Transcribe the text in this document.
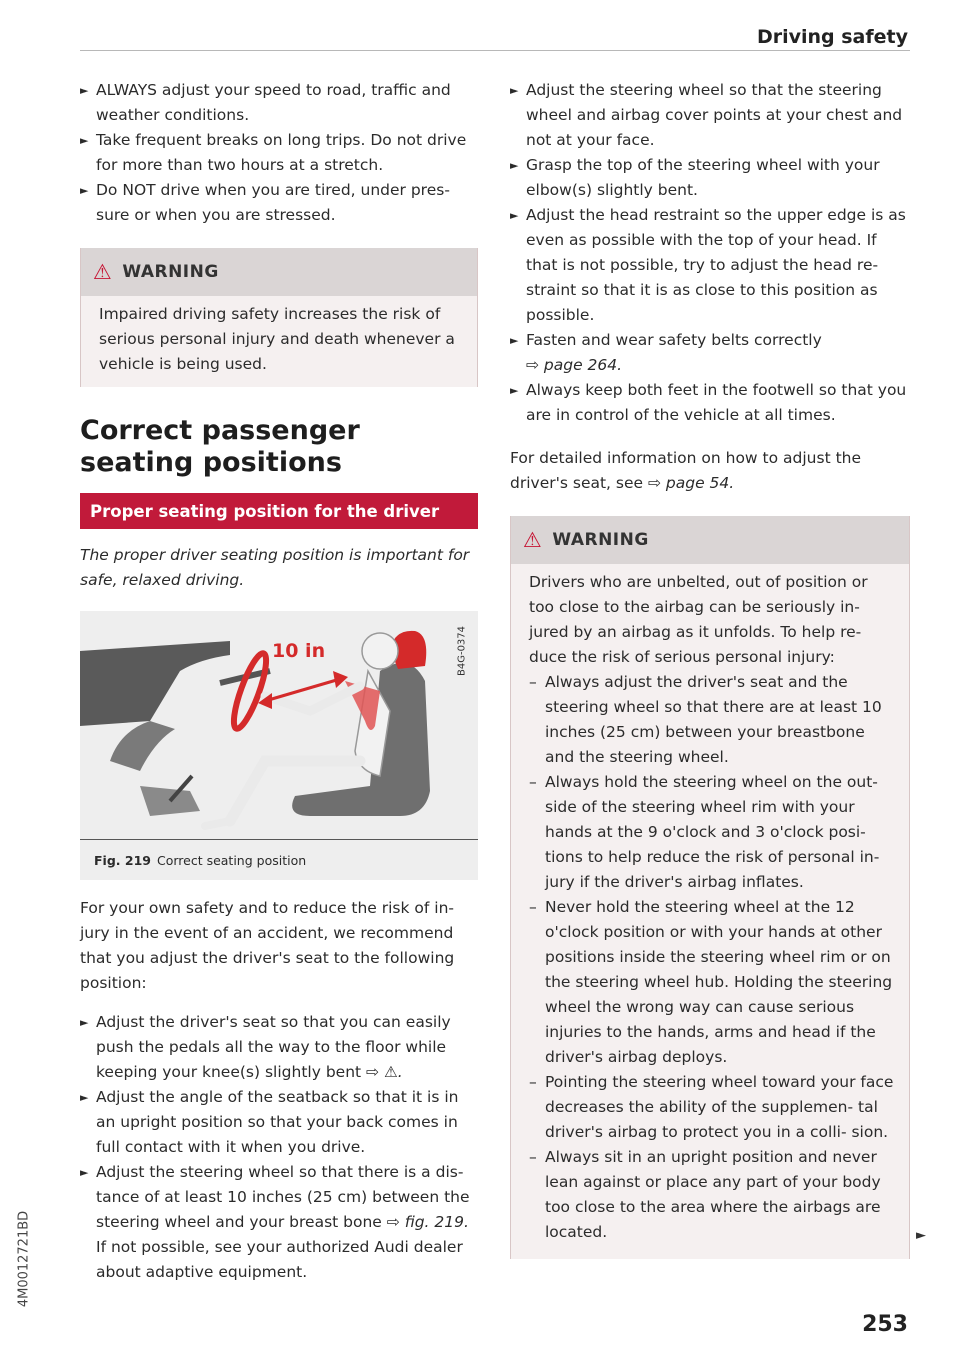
Driving safety
4M0012721BD
► ALWAYS adjust your speed to road, traffic and weather conditions.
► Take frequent breaks on long trips. Do not drive for more than two hours at a stretch.
► Do NOT drive when you are tired, under pres- sure or when you are stressed.
⚠ WARNING

Impaired driving safety increases the risk of serious personal injury and death whenever a vehicle is being used.

Correct passenger seating positions
Proper seating position for the driver
The proper driver seating position is important for safe, relaxed driving.
10 in	B4G-0374
Fig. 219 Correct seating position

For your own safety and to reduce the risk of in- jury in the event of an accident, we recommend that you adjust the driver's seat to the following position:

► Adjust the driver's seat so that you can easily push the pedals all the way to the floor while keeping your knee(s) slightly bent ⇨ ⚠.
► Adjust the angle of the seatback so that it is in an upright position so that your back comes in full contact with it when you drive.
► Adjust the steering wheel so that there is a dis- tance of at least 10 inches (25 cm) between the steering wheel and your breast bone ⇨ fig. 219.
If not possible, see your authorized Audi dealer about adaptive equipment.
► Adjust the steering wheel so that the steering wheel and airbag cover points at your chest and not at your face.
► Grasp the top of the steering wheel with your elbow(s) slightly bent.
► Adjust the head restraint so the upper edge is as even as possible with the top of your head. If that is not possible, try to adjust the head re- straint so that it is as close to this position as possible.
► Fasten and wear safety belts correctly
⇨ page 264.
► Always keep both feet in the footwell so that you are in control of the vehicle at all times.

For detailed information on how to adjust the driver's seat, see ⇨ page 54.

⚠ WARNING

Drivers who are unbelted, out of position or too close to the airbag can be seriously in- jured by an airbag as it unfolds. To help re- duce the risk of serious personal injury:

– Always adjust the driver's seat and the steering wheel so that there are at least 10 inches (25 cm) between your breastbone and the steering wheel.
– Always hold the steering wheel on the out- side of the steering wheel rim with your hands at the 9 o'clock and 3 o'clock posi- tions to help reduce the risk of personal in- jury if the driver's airbag inflates.
– Never hold the steering wheel at the 12 o'clock position or with your hands at other positions inside the steering wheel rim or on the steering wheel hub. Holding the steering wheel the wrong way can cause serious injuries to the hands, arms and head if the driver's airbag deploys.
– Pointing the steering wheel toward your face decreases the ability of the supplemen- tal driver's airbag to protect you in a colli- sion.
– Always sit in an upright position and never lean against or place any part of your body too close to the area where the airbags are located.	►
253
